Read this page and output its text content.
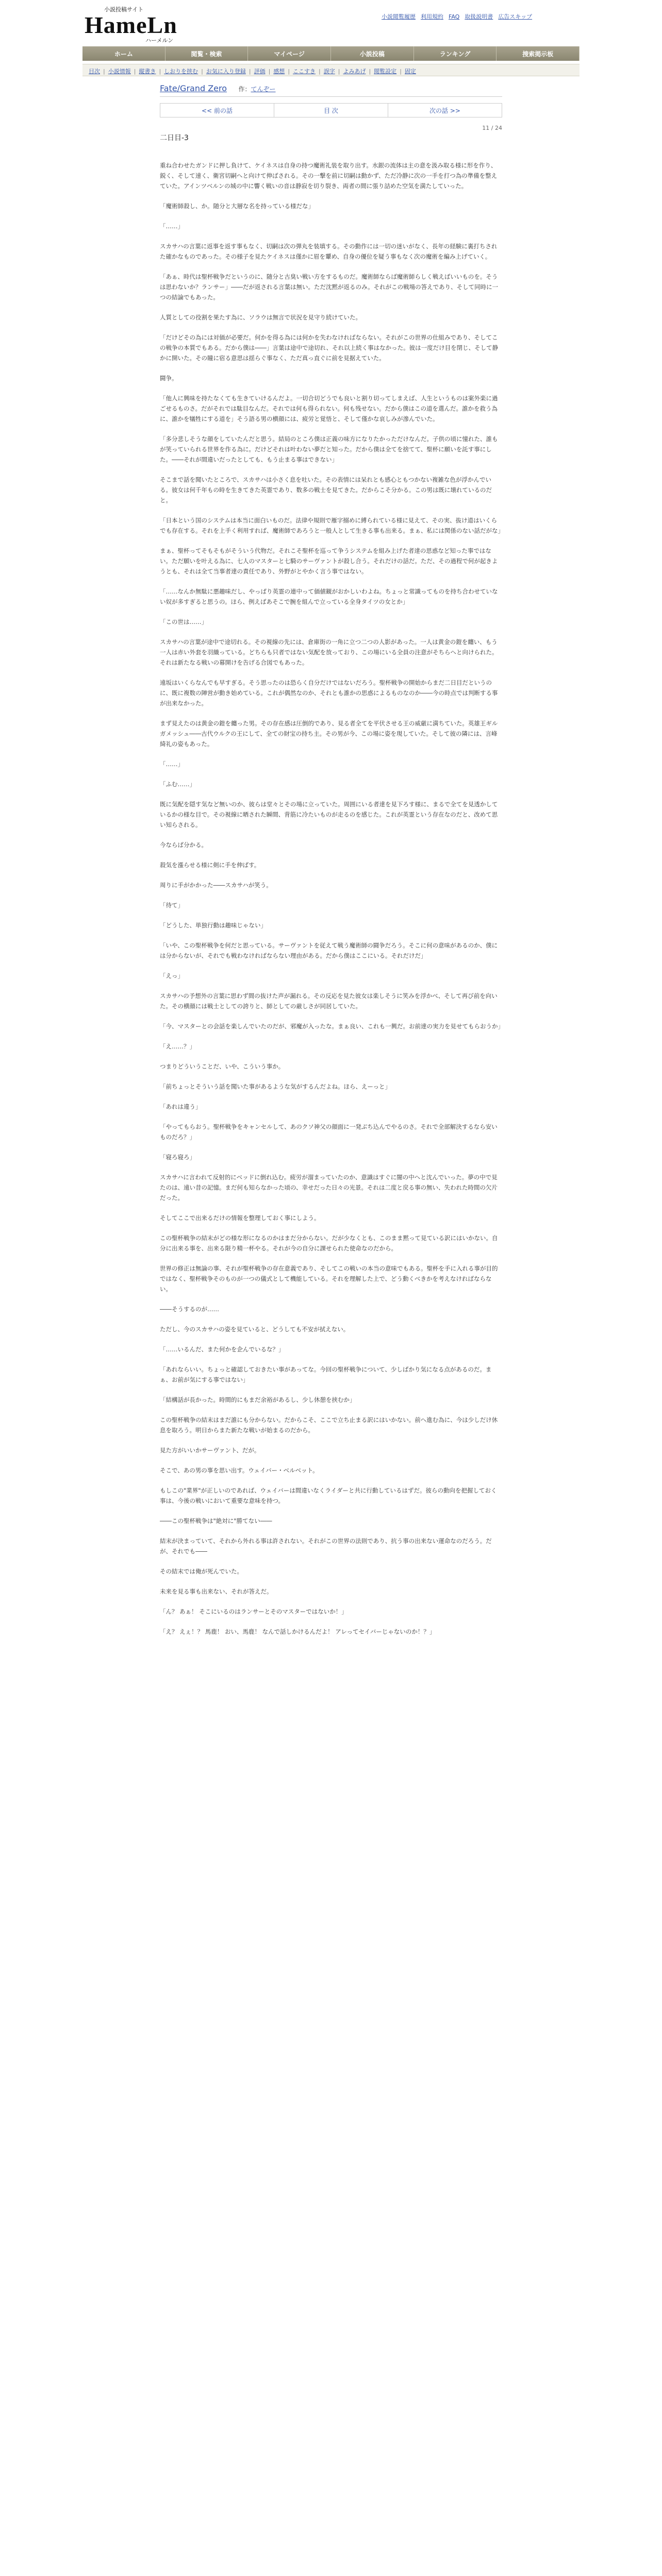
小説投稿サイト
HameLn
ハーメルン
小説閲覧履歴 利用規約 FAQ 取扱説明書 広告スキップ
ホーム	閲覧・検索	マイページ	小説投稿	ランキング	捜索掲示板
目次 | 小説情報 | 縦書き | しおりを挟む | お気に入り登録 | 評価 | 感想 | ここすき | 誤字 | よみあげ | 閲覧設定 | 固定
Fate/Grand Zero 作：てんぞー
<< 前の話	目 次	次の話 >>
11 / 24
二日目-3

重ね合わせたガンドに押し負けて、ケイネスは自身の持つ魔術礼装を取り出す。水銀の流体は主の意を汲み取る様に形を作り、鋭く、そして速く、衛宮切嗣へと向けて伸ばされる。その一撃を前に切嗣は動かず、ただ冷静に次の一手を打つ為の準備を整えていた。アインツベルンの城の中に響く戦いの音は静寂を切り裂き、両者の間に張り詰めた空気を満たしていった。

「魔術師殺し、か。随分と大層な名を持っている様だな」

「……」

スカサハの言葉に返事を返す事もなく、切嗣は次の弾丸を装填する。その動作には一切の迷いがなく、長年の経験に裏打ちされた確かなものであった。その様子を見たケイネスは僅かに眉を顰め、自身の優位を疑う事もなく次の魔術を編み上げていく。

「あぁ、時代は聖杯戦争だというのに、随分と古臭い戦い方をするものだ。魔術師ならば魔術師らしく戦えばいいものを。そうは思わないか？ランサー」――だが返される言葉は無い。ただ沈黙が返るのみ。それがこの戦場の答えであり、そして同時に一つの結論でもあった。

人質としての役割を果たす為に、ソラウは無言で状況を見守り続けていた。

「だけどその為には対価が必要だ。何かを得る為には何かを失わなければならない。それがこの世界の仕組みであり、そしてこの戦争の本質でもある。だから僕は――」言葉は途中で途切れ、それ以上続く事はなかった。彼は一度だけ目を閉じ、そして静かに開いた。その瞳に宿る意思は揺らぐ事なく、ただ真っ直ぐに前を見据えていた。

闘争。

「他人に興味を持たなくても生きていけるんだよ。一切合切どうでも良いと割り切ってしまえば、人生というものは案外楽に過ごせるものさ。だがそれでは駄目なんだ。それでは何も得られない。何も残せない。だから僕はこの道を選んだ。誰かを救う為に、誰かを犠牲にする道を」そう語る男の横顔には、疲労と覚悟と、そして僅かな哀しみが滲んでいた。

「多分悲しそうな顔をしていたんだと思う。結局のところ僕は正義の味方になりたかっただけなんだ。子供の頃に憧れた、誰もが笑っていられる世界を作る為に。だけどそれは叶わない夢だと知った。だから僕は全てを捨てて、聖杯に願いを託す事にした。――それが間違いだったとしても、もう止まる事はできない」

そこまで話を聞いたところで、スカサハは小さく息を吐いた。その表情には呆れとも感心ともつかない複雑な色が浮かんでいる。彼女は何千年もの時を生きてきた英霊であり、数多の戦士を見てきた。だからこそ分かる。この男は既に壊れているのだと。

「日本という国のシステムは本当に面白いものだ。法律や規則で雁字搦めに縛られている様に見えて、その実、抜け道はいくらでも存在する。それを上手く利用すれば、魔術師であろうと一般人として生きる事も出来る。まぁ、私には関係のない話だがな」

まぁ、聖杯ってそもそもがそういう代物だ。それこそ聖杯を巡って争うシステムを組み上げた者達の思惑など知った事ではない。ただ願いを叶える為に、七人のマスターと七騎のサーヴァントが殺し合う。それだけの話だ。ただ、その過程で何が起きようとも、それは全て当事者達の責任であり、外野がとやかく言う事ではない。

「……なんか無駄に悪趣味だし、やっぱり英霊の連中って価値観がおかしいわよね。ちょっと常識ってものを持ち合わせていない奴が多すぎると思うの。ほら、例えばあそこで腕を組んで立っている全身タイツの女とか」

「この世は……」

スカサハの言葉が途中で途切れる。その視線の先には、倉庫街の一角に立つ二つの人影があった。一人は黄金の鎧を纏い、もう一人は赤い外套を羽織っている。どちらも只者ではない気配を放っており、この場にいる全員の注意がそちらへと向けられた。それは新たなる戦いの幕開けを告げる合図でもあった。

遠坂はいくらなんでも早すぎる。そう思ったのは恐らく自分だけではないだろう。聖杯戦争の開始からまだ二日目だというのに、既に複数の陣営が動き始めている。これが偶然なのか、それとも誰かの思惑によるものなのか――今の時点では判断する事が出来なかった。

まず見えたのは黄金の鎧を纏った男。その存在感は圧倒的であり、見る者全てを平伏させる王の威厳に満ちていた。英雄王ギルガメッシュ――古代ウルクの王にして、全ての財宝の持ち主。その男が今、この場に姿を現していた。そして彼の隣には、言峰綺礼の姿もあった。

「……」

「ふむ……」

既に気配を隠す気など無いのか、彼らは堂々とその場に立っていた。周囲にいる者達を見下ろす様に、まるで全てを見透かしているかの様な目で。その視線に晒された瞬間、背筋に冷たいものが走るのを感じた。これが英霊という存在なのだと、改めて思い知らされる。

今ならば分かる。

殺気を漲らせる様に剣に手を伸ばす。

周りに手がかかった――スカサハが笑う。

「待て」

「どうした、単独行動は趣味じゃない」

「いや、この聖杯戦争を何だと思っている。サーヴァントを従えて戦う魔術師の闘争だろう。そこに何の意味があるのか、僕には分からないが、それでも戦わなければならない理由がある。だから僕はここにいる。それだけだ」

「えっ」

スカサハの予想外の言葉に思わず間の抜けた声が漏れる。その反応を見た彼女は楽しそうに笑みを浮かべ、そして再び前を向いた。その横顔には戦士としての誇りと、師としての厳しさが同居していた。

「今、マスターとの会話を楽しんでいたのだが、邪魔が入ったな。まぁ良い、これも一興だ。お前達の実力を見せてもらおうか」

「え……？」

つまりどういうことだ、いや、こういう事か。

「前ちょっとそういう話を聞いた事があるような気がするんだよね。ほら、えーっと」

「あれは違う」

「やってもらおう。聖杯戦争をキャンセルして、あのクソ神父の顔面に一発ぶち込んでやるのさ。それで全部解決するなら安いものだろ？」

「寝ろ寝ろ」

スカサハに言われて反射的にベッドに倒れ込む。疲労が溜まっていたのか、意識はすぐに闇の中へと沈んでいった。夢の中で見たのは、遠い昔の記憶。まだ何も知らなかった頃の、幸せだった日々の光景。それは二度と戻る事の無い、失われた時間の欠片だった。

そしてここで出来るだけの情報を整理しておく事にしよう。

この聖杯戦争の結末がどの様な形になるのかはまだ分からない。だが少なくとも、このまま黙って見ている訳にはいかない。自分に出来る事を、出来る限り精一杯やる。それが今の自分に課せられた使命なのだから。

世界の修正は無論の事、それが聖杯戦争の存在意義であり、そしてこの戦いの本当の意味でもある。聖杯を手に入れる事が目的ではなく、聖杯戦争そのものが一つの儀式として機能している。それを理解した上で、どう動くべきかを考えなければならない。

――そうするのが……

ただし、今のスカサハの姿を見ていると、どうしても不安が拭えない。

「……いるんだ、また何かを企んでいるな？」

「あれならいい。ちょっと確認しておきたい事があってな。今回の聖杯戦争について、少しばかり気になる点があるのだ。まぁ、お前が気にする事ではない」

「結構話が長かった。時間的にもまだ余裕があるし、少し休憩を挟むか」

この聖杯戦争の結末はまだ誰にも分からない。だからこそ、ここで立ち止まる訳にはいかない。前へ進む為に、今は少しだけ休息を取ろう。明日からまた新たな戦いが始まるのだから。

見た方がいいかサーヴァント、だが。

そこで、あの男の事を思い出す。ウェイバー・ベルベット。

もしこの"業界"が正しいのであれば、ウェイバーは間違いなくライダーと共に行動しているはずだ。彼らの動向を把握しておく事は、今後の戦いにおいて重要な意味を持つ。

――この聖杯戦争は"絶対に"勝てない――

結末が決まっていて、それから外れる事は許されない。それがこの世界の法則であり、抗う事の出来ない運命なのだろう。だが、それでも――

その結末では俺が死んでいた。

未来を見る事も出来ない、それが答えだ。

「ん？ あぁ！ そこにいるのはランサーとそのマスターではないか！」

「え？ えぇ！？ 馬鹿！ おい、馬鹿！ なんで話しかけるんだよ！ アレってセイバーじゃないのか！？」
